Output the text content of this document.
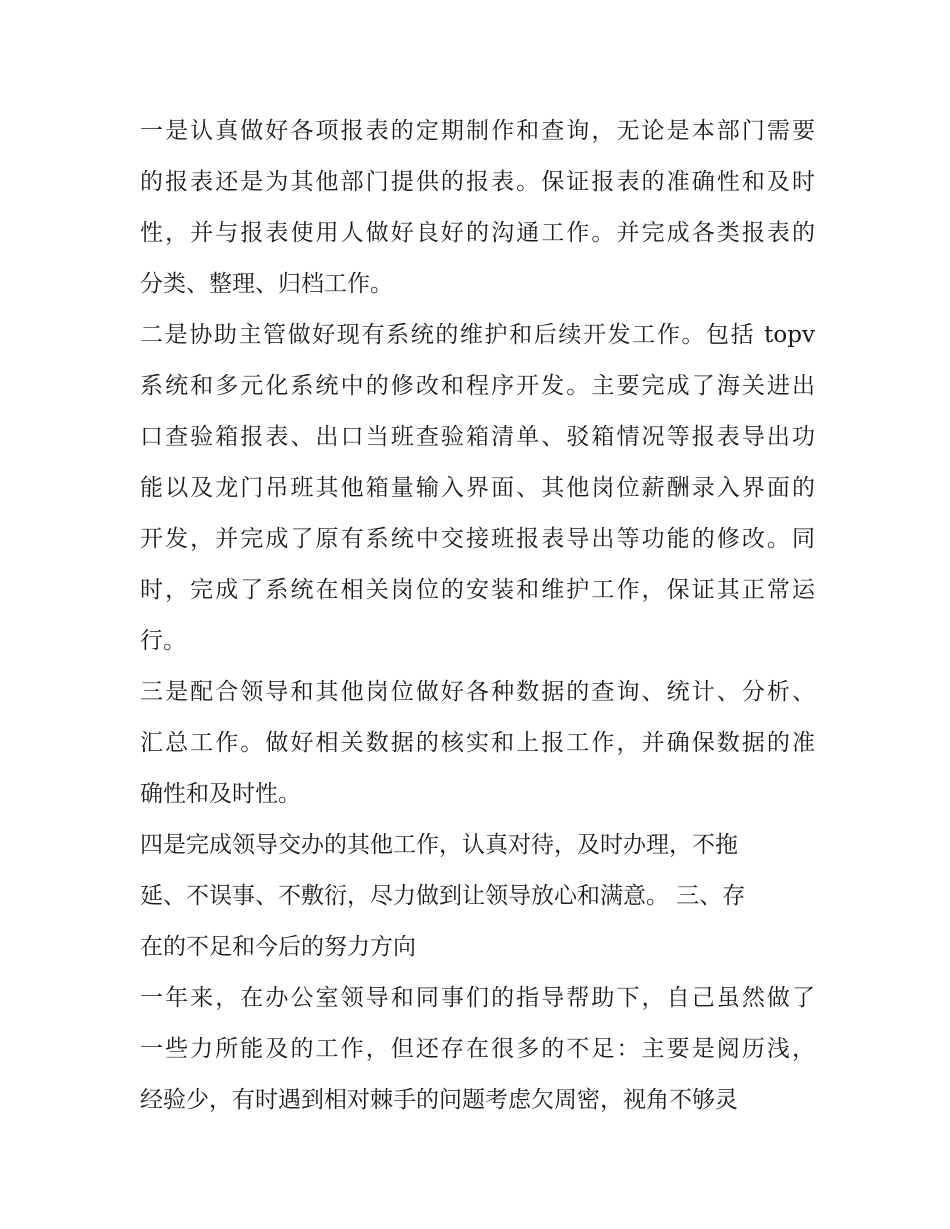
一是认真做好各项报表的定期制作和查询，无论是本部门需要
的报表还是为其他部门提供的报表。保证报表的准确性和及时
性，并与报表使用人做好良好的沟通工作。并完成各类报表的
分类、整理、归档工作。
二是协助主管做好现有系统的维护和后续开发工作。包括 topv
系统和多元化系统中的修改和程序开发。主要完成了海关进出
口查验箱报表、出口当班查验箱清单、驳箱情况等报表导出功
能以及龙门吊班其他箱量输入界面、其他岗位薪酬录入界面的
开发，并完成了原有系统中交接班报表导出等功能的修改。同
时，完成了系统在相关岗位的安装和维护工作，保证其正常运
行。
三是配合领导和其他岗位做好各种数据的查询、统计、分析、
汇总工作。做好相关数据的核实和上报工作，并确保数据的准
确性和及时性。
四是完成领导交办的其他工作，认真对待，及时办理，不拖
延、不误事、不敷衍，尽力做到让领导放心和满意。 三、存
在的不足和今后的努力方向
一年来，在办公室领导和同事们的指导帮助下，自己虽然做了
一些力所能及的工作，但还存在很多的不足：主要是阅历浅，
经验少，有时遇到相对棘手的问题考虑欠周密，视角不够灵
